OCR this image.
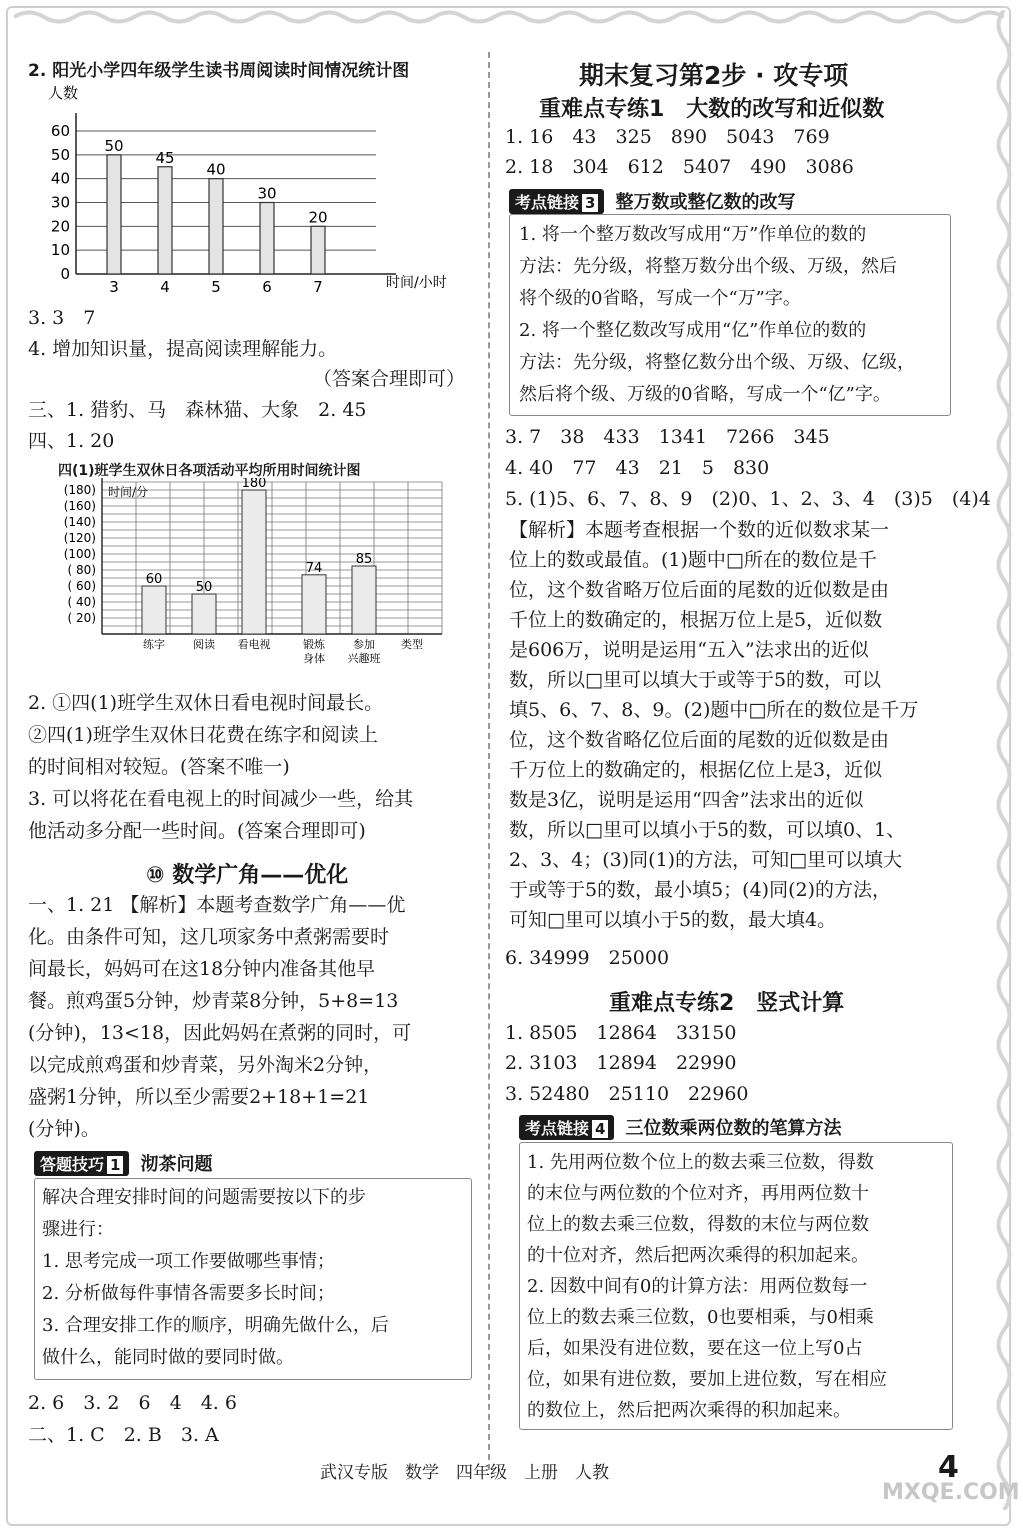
2. 阳光小学四年级学生读书周阅读时间情况统计图
人数
0
10
20
30
40
50
60
50
3
45
4
40
5
30
6
20
7	时间/小时
3. 3　7
4. 增加知识量，提高阅读理解能力。
（答案合理即可）
三、1. 猎豹、马　森林猫、大象　2. 45
四、1. 20
四(1)班学生双休日各项活动平均所用时间统计图
时间/分
( 20)
( 40)
( 60)
( 80)
(100)
(120)
(140)
(160)
(180)
60
练字
50
阅读
180
看电视
74
锻炼
身体
85
参加
兴趣班
类型
2. ①四(1)班学生双休日看电视时间最长。
②四(1)班学生双休日花费在练字和阅读上
的时间相对较短。(答案不唯一)
3. 可以将花在看电视上的时间减少一些，给其
他活动多分配一些时间。(答案合理即可)
⑩ 数学广角——优化
一、1. 21 【解析】本题考查数学广角——优
化。由条件可知，这几项家务中煮粥需要时
间最长，妈妈可在这18分钟内准备其他早
餐。煎鸡蛋5分钟，炒青菜8分钟，5+8=13
(分钟)，13<18，因此妈妈在煮粥的同时，可
以完成煎鸡蛋和炒青菜，另外淘米2分钟，
盛粥1分钟，所以至少需要2+18+1=21
(分钟)。
答题技巧 1 沏茶问题
解决合理安排时间的问题需要按以下的步
骤进行：
1. 思考完成一项工作要做哪些事情；
2. 分析做每件事情各需要多长时间；
3. 合理安排工作的顺序，明确先做什么，后
做什么，能同时做的要同时做。
2. 6　3. 2　6　4　4. 6
二、1. C　2. B　3. A
期末复习第2步 · 攻专项
重难点专练1　大数的改写和近似数
1. 16　43　325　890　5043　769
2. 18　304　612　5407　490　3086
考点链接 3 整万数或整亿数的改写
1. 将一个整万数改写成用“万”作单位的数的
方法：先分级，将整万数分出个级、万级，然后
将个级的0省略，写成一个“万”字。
2. 将一个整亿数改写成用“亿”作单位的数的
方法：先分级，将整亿数分出个级、万级、亿级，
然后将个级、万级的0省略，写成一个“亿”字。
3. 7　38　433　1341　7266　345
4. 40　77　43　21　5　830
5. (1)5、6、7、8、9　(2)0、1、2、3、4　(3)5　(4)4
【解析】本题考查根据一个数的近似数求某一
位上的数或最值。(1)题中□所在的数位是千
位，这个数省略万位后面的尾数的近似数是由
千位上的数确定的，根据万位上是5，近似数
是606万，说明是运用“五入”法求出的近似
数，所以□里可以填大于或等于5的数，可以
填5、6、7、8、9。(2)题中□所在的数位是千万
位，这个数省略亿位后面的尾数的近似数是由
千万位上的数确定的，根据亿位上是3，近似
数是3亿，说明是运用“四舍”法求出的近似
数，所以□里可以填小于5的数，可以填0、1、
2、3、4；(3)同(1)的方法，可知□里可以填大
于或等于5的数，最小填5；(4)同(2)的方法，
可知□里可以填小于5的数，最大填4。
6. 34999　25000
重难点专练2　竖式计算
1. 8505　12864　33150
2. 3103　12894　22990
3. 52480　25110　22960
考点链接 4 三位数乘两位数的笔算方法
1. 先用两位数个位上的数去乘三位数，得数
的末位与两位数的个位对齐，再用两位数十
位上的数去乘三位数，得数的末位与两位数
的十位对齐，然后把两次乘得的积加起来。
2. 因数中间有0的计算方法：用两位数每一
位上的数去乘三位数，0也要相乘，与0相乘
后，如果没有进位数，要在这一位上写0占
位，如果有进位数，要加上进位数，写在相应
的数位上，然后把两次乘得的积加起来。
武汉专版　数学　四年级　上册　人教	4
MXQE.COM
